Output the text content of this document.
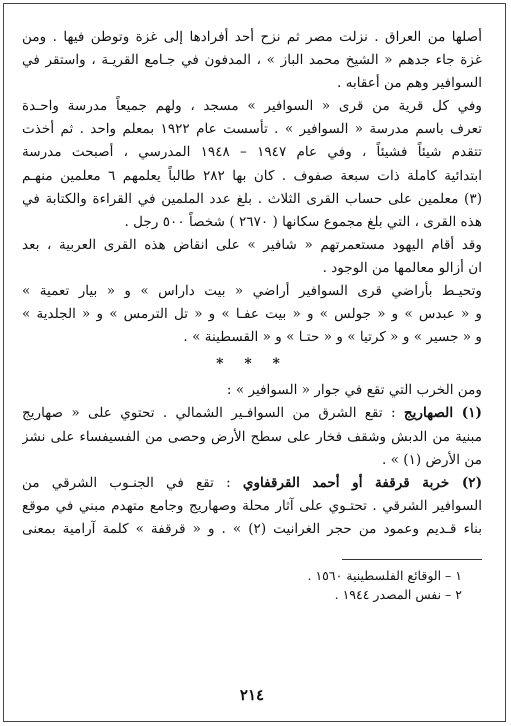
أصلها من العراق . نزلت مصر ثم نزح أحد أفرادها إلى غزة وتوطن فيها . ومن
غزة جاء جدهم « الشيخ محمد الباز » ، المدفون في جـامع القريـة ، واستقر في
السوافير وهم من أعقابه .
وفي كل قرية من قرى « السوافير » مسجد ، ولهم جميعاً مدرسة واحـدة
تعرف باسم مدرسة « السوافير » . تأسست عام ١٩٢٢ بمعلم واحد . ثم أخذت
تتقدم شيئاً فشيئاً ، وفي عام ١٩٤٧ – ١٩٤٨ المدرسي ، أصبحت مدرسة
ابتدائية كاملة ذات سبعة صفوف . كان بها ٢٨٢ طالباً يعلمهم ٦ معلمين منهـم
(٣) معلمين على حساب القرى الثلاث . بلغ عدد الملمين في القراءة والكتابة في
هذه القرى ، التي بلغ مجموع سكانها ( ٢٦٧٠ ) شخصاً ٥٠٠ رجل .
وقد أقام اليهود مستعمرتهم « شافير » على انقاض هذه القرى العربية ، بعد
ان أزالو معالمها من الوجود .
وتحيـط بأراضي قرى السوافير أراضي « بيت داراس » و « بيار تعمية »
و « عبدس » و « جولس » و « بيت عفـا » و « تل الترمس » و « الجلدية »
و « جسير » و « كرتيا » و « حتـا » و « القسطينة » .
* * *
ومن الخرب التي تقع في جوار « السوافير » :
(١) الصهاريج : تقع الشرق من السوافـير الشمالي . تحتوي على « صهاريج
مبنية من الدبش وشقف فخار على سطح الأرض وحصى من الفسيفساء على نشز
من الأرض (١) » .
(٢) خربة قرقفة أو أحمد القرقفاوي : تقع في الجنـوب الشرقي من
السوافير الشرقي . تحتـوي على آثار محلة وصهاريج وجامع متهدم مبني في موقع
بناء قـديم وعمود من حجر الغرانيت (٢) » . و « قرقفة » كلمة آرامية بمعنى
١ – الوقائع الفلسطينية ١٥٦٠ .
٢ – نفس المصدر ١٩٤٤ .
٢١٤
